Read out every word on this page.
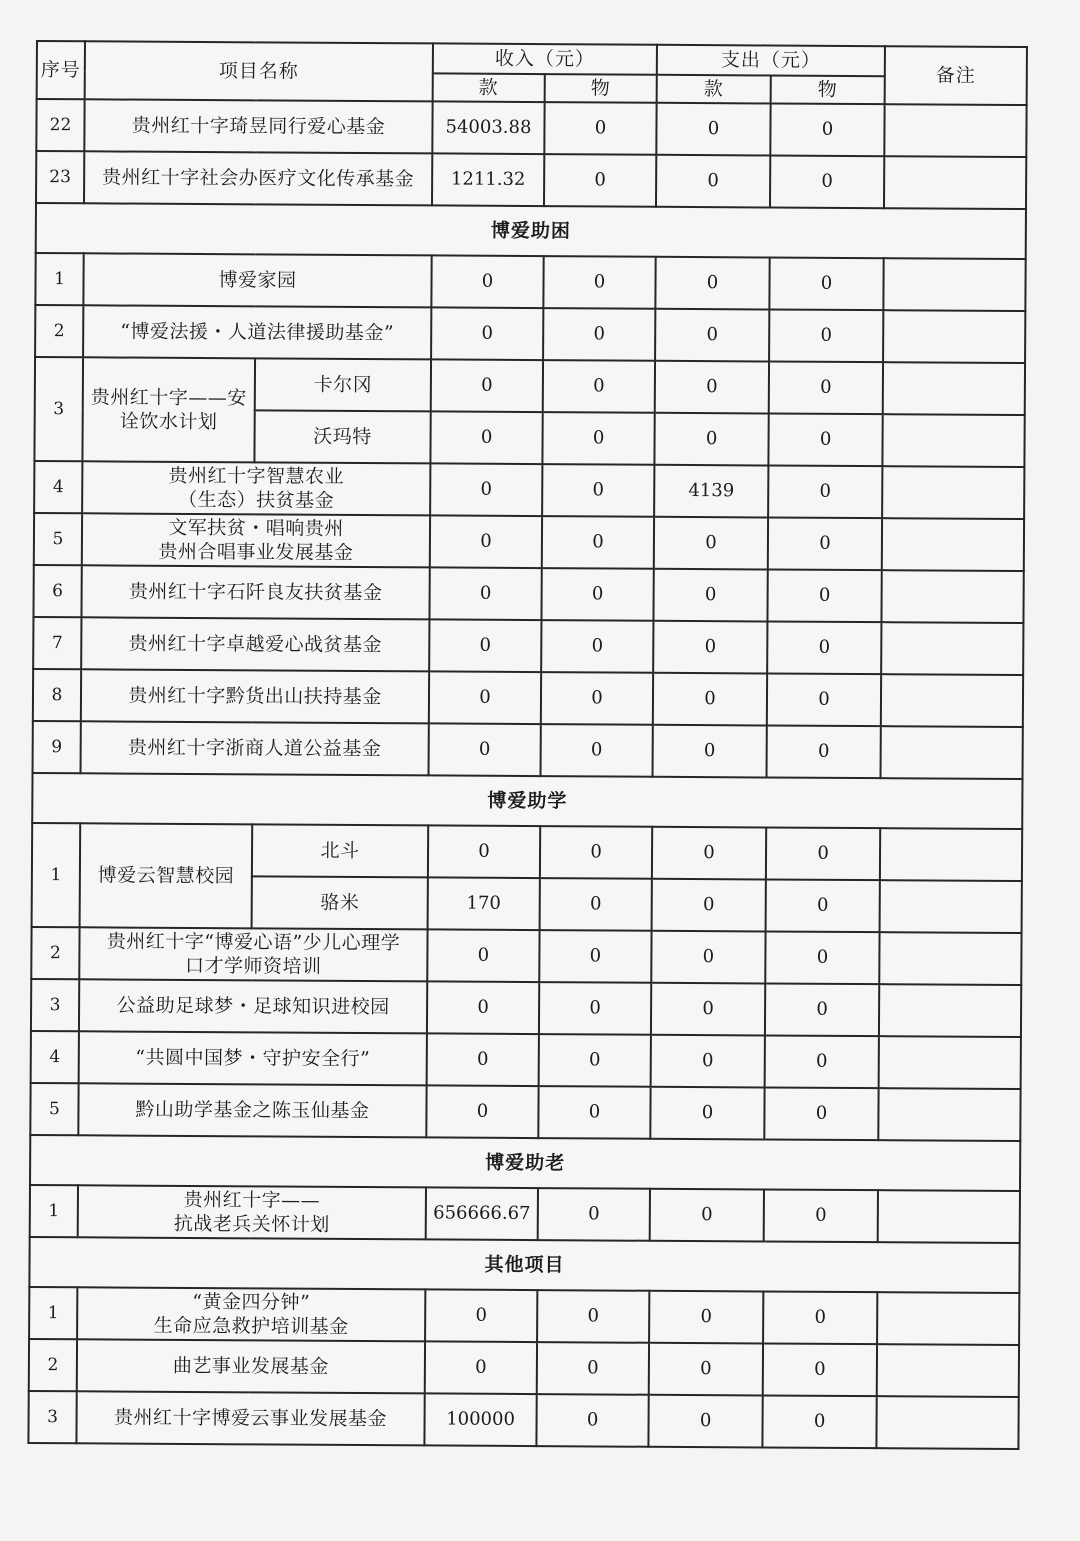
序号	项目名称		收入（元）		支出（元）		备注
			款	物	款	物	
22	贵州红十字琦昱同行爱心基金		54003.88	0	0	0	
23	贵州红十字社会办医疗文化传承基金		1211.32	0	0	0	
博爱助困							
1	博爱家园		0	0	0	0	
2	“博爱法援・人道法律援助基金”		0	0	0	0	
3	贵州红十字——安诠饮水计划	卡尔冈	0	0	0	0	
		沃玛特	0	0	0	0	
4	贵州红十字智慧农业
（生态）扶贫基金		0	0	4139	0	
5	文军扶贫・唱响贵州
贵州合唱事业发展基金		0	0	0	0	
6	贵州红十字石阡良友扶贫基金		0	0	0	0	
7	贵州红十字卓越爱心战贫基金		0	0	0	0	
8	贵州红十字黔货出山扶持基金		0	0	0	0	
9	贵州红十字浙商人道公益基金		0	0	0	0	
博爱助学							
1	博爱云智慧校园	北斗	0	0	0	0	
		骆米	170	0	0	0	
2	贵州红十字“博爱心语”少儿心理学
口才学师资培训		0	0	0	0	
3	公益助足球梦・足球知识进校园		0	0	0	0	
4	“共圆中国梦・守护安全行”		0	0	0	0	
5	黔山助学基金之陈玉仙基金		0	0	0	0	
博爱助老							
1	贵州红十字——
抗战老兵关怀计划		656666.67	0	0	0	
其他项目							
1	“黄金四分钟”
生命应急救护培训基金		0	0	0	0	
2	曲艺事业发展基金		0	0	0	0	
3	贵州红十字博爱云事业发展基金		100000	0	0	0	
